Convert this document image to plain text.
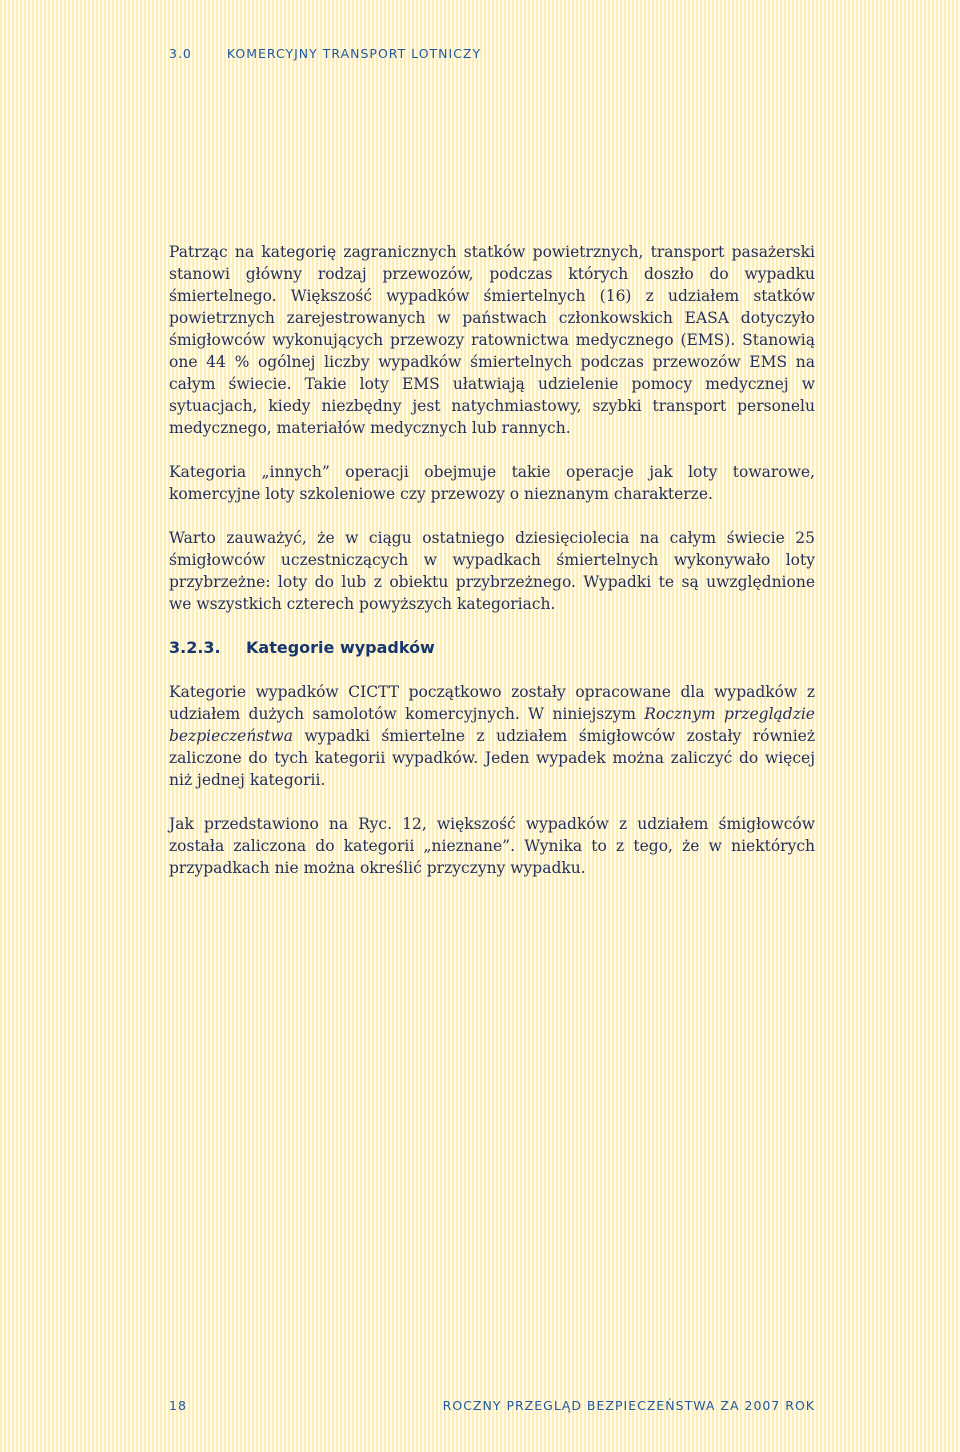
3.0	KOMERCYJNY TRANSPORT LOTNICZY

Patrząc na kategorię zagranicznych statków powietrznych, transport pasażerski stanowi główny rodzaj przewozów, podczas których doszło do wypadku śmiertelnego. Większość wypadków śmiertelnych (16) z udziałem statków powietrznych zarejestrowanych w państwach członkowskich EASA dotyczyło śmigłowców wykonujących przewozy ratownictwa medycznego (EMS). Stanowią one 44 % ogólnej liczby wypadków śmiertelnych podczas przewozów EMS na całym świecie. Takie loty EMS ułatwiają udzielenie pomocy medycznej w sytuacjach, kiedy niezbędny jest natychmiastowy, szybki transport personelu medycznego, materiałów medycznych lub rannych.

Kategoria „innych” operacji obejmuje takie operacje jak loty towarowe, komercyjne loty szkoleniowe czy przewozy o nieznanym charakterze.

Warto zauważyć, że w ciągu ostatniego dziesięciolecia na całym świecie 25 śmigłowców uczestniczących w wypadkach śmiertelnych wykonywało loty przybrzeżne: loty do lub z obiektu przybrzeżnego. Wypadki te są uwzględnione we wszystkich czterech powyższych kategoriach.

3.2.3. Kategorie wypadków

Kategorie wypadków CICTT początkowo zostały opracowane dla wypadków z udziałem dużych samolotów komercyjnych. W niniejszym Rocznym przeglądzie bezpieczeństwa wypadki śmiertelne z udziałem śmigłowców zostały również zaliczone do tych kategorii wypadków. Jeden wypadek można zaliczyć do więcej niż jednej kategorii.

Jak przedstawiono na Ryc. 12, większość wypadków z udziałem śmigłowców została zaliczona do kategorii „nieznane”. Wynika to z tego, że w niektórych przypadkach nie można określić przyczyny wypadku.

18	ROCZNY PRZEGLĄD BEZPIECZEŃSTWA ZA 2007 ROK
